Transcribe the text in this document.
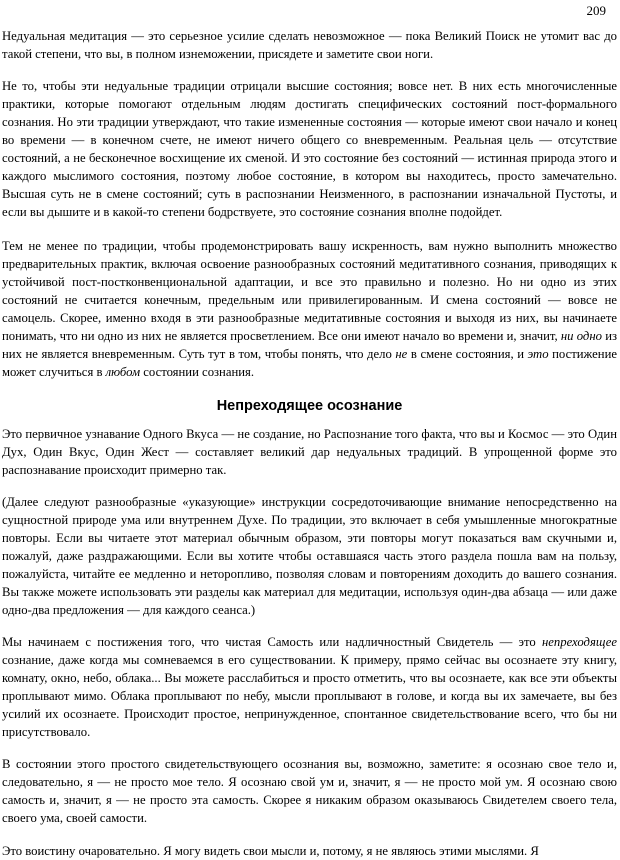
209

Недуальная медитация — это серьезное усилие сделать невозможное — пока Великий Поиск не утомит вас до такой степени, что вы, в полном изнеможении, присядете и заметите свои ноги.

Не то, чтобы эти недуальные традиции отрицали высшие состояния; вовсе нет. В них есть многочисленные практики, которые помогают отдельным людям достигать специфических состояний пост-формального сознания. Но эти традиции утверждают, что такие измененные состояния — которые имеют свои начало и конец во времени — в конечном счете, не имеют ничего общего со вневременным. Реальная цель — отсутствие состояний, а не бесконечное восхищение их сменой. И это состояние без состояний — истинная природа этого и каждого мыслимого состояния, поэтому любое состояние, в котором вы находитесь, просто замечательно. Высшая суть не в смене состояний; суть в распознании Неизменного, в распознании изначальной Пустоты, и если вы дышите и в какой-то степени бодрствуете, это состояние сознания вполне подойдет.

Тем не менее по традиции, чтобы продемонстрировать вашу искренность, вам нужно выполнить множество предварительных практик, включая освоение разнообразных состояний медитативного сознания, приводящих к устойчивой пост-постконвенциональной адаптации, и все это правильно и полезно. Но ни одно из этих состояний не считается конечным, предельным или привилегированным. И смена состояний — вовсе не самоцель. Скорее, именно входя в эти разнообразные медитативные состояния и выходя из них, вы начинаете понимать, что ни одно из них не является просветлением. Все они имеют начало во времени и, значит, ни одно из них не является вневременным. Суть тут в том, чтобы понять, что дело не в смене состояния, и это постижение может случиться в любом состоянии сознания.

Непреходящее осознание

Это первичное узнавание Одного Вкуса — не создание, но Распознание того факта, что вы и Космос — это Один Дух, Один Вкус, Один Жест — составляет великий дар недуальных традиций. В упрощенной форме это распознавание происходит примерно так.

(Далее следуют разнообразные «указующие» инструкции сосредоточивающие внимание непосредственно на сущностной природе ума или внутреннем Духе. По традиции, это включает в себя умышленные многократные повторы. Если вы читаете этот материал обычным образом, эти повторы могут показаться вам скучными и, пожалуй, даже раздражающими. Если вы хотите чтобы оставшаяся часть этого раздела пошла вам на пользу, пожалуйста, читайте ее медленно и неторопливо, позволяя словам и повторениям доходить до вашего сознания. Вы также можете использовать эти разделы как материал для медитации, используя один-два абзаца — или даже одно-два предложения — для каждого сеанса.)

Мы начинаем с постижения того, что чистая Самость или надличностный Свидетель — это непреходящее сознание, даже когда мы сомневаемся в его существовании. К примеру, прямо сейчас вы осознаете эту книгу, комнату, окно, небо, облака... Вы можете расслабиться и просто отметить, что вы осознаете, как все эти объекты проплывают мимо. Облака проплывают по небу, мысли проплывают в голове, и когда вы их замечаете, вы без усилий их осознаете. Происходит простое, непринужденное, спонтанное свидетельствование всего, что бы ни присутствовало.

В состоянии этого простого свидетельствующего осознания вы, возможно, заметите: я осознаю свое тело и, следовательно, я — не просто мое тело. Я осознаю свой ум и, значит, я — не просто мой ум. Я осознаю свою самость и, значит, я — не просто эта самость. Скорее я никаким образом оказываюсь Свидетелем своего тела, своего ума, своей самости.

Это воистину очаровательно. Я могу видеть свои мысли и, потому, я не являюсь этими мыслями. Я
